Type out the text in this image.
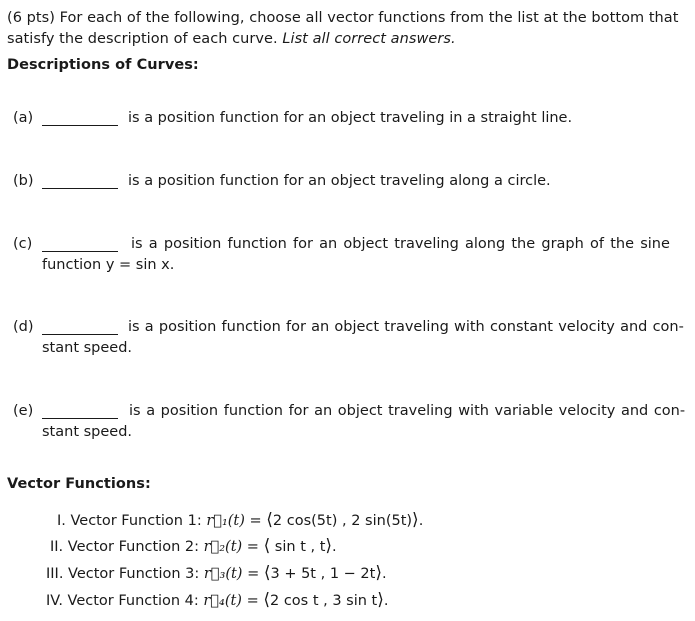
(6 pts) For each of the following, choose all vector functions from the list at the bottom that
satisfy the description of each curve. List all correct answers.
Descriptions of Curves:
(a)	is a position function for an object traveling in a straight line.
(b)	is a position function for an object traveling along a circle.
(c)	is a position function for an object traveling along the graph of the sine
function y = sin x.
(d)	is a position function for an object traveling with constant velocity and con-
stant speed.
(e)	is a position function for an object traveling with variable velocity and con-
stant speed.
Vector Functions:
I. Vector Function 1: r⃗₁(t) = ⟨2 cos(5t) , 2 sin(5t)⟩.
II. Vector Function 2: r⃗₂(t) = ⟨ sin t , t⟩.
III. Vector Function 3: r⃗₃(t) = ⟨3 + 5t , 1 − 2t⟩.
IV. Vector Function 4: r⃗₄(t) = ⟨2 cos t , 3 sin t⟩.
